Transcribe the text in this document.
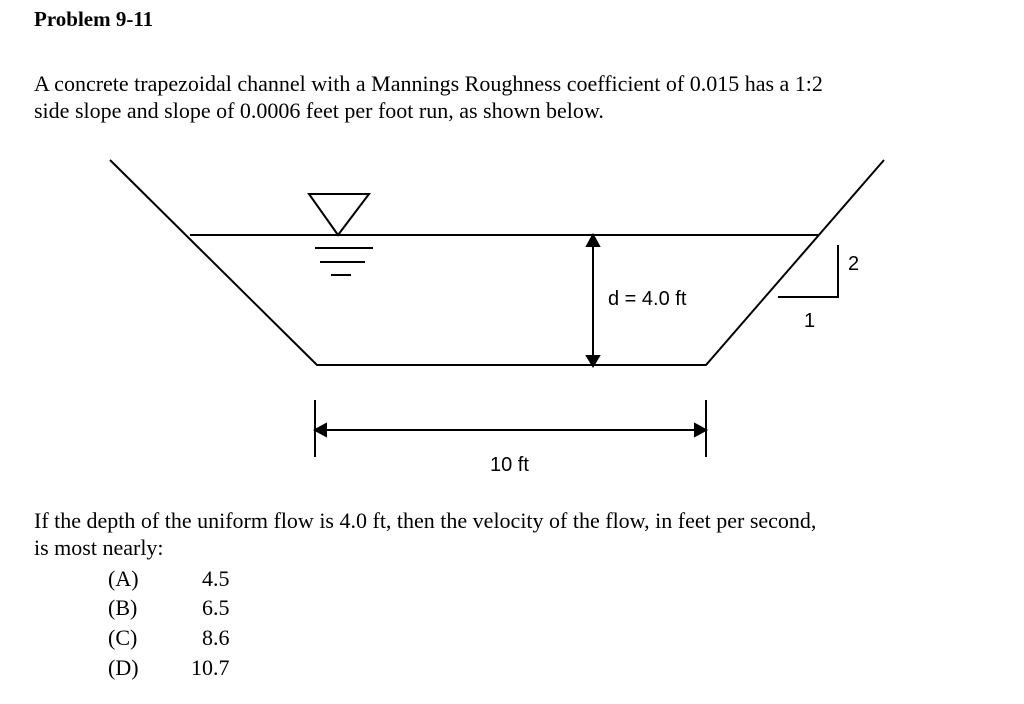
Problem 9-11
A concrete trapezoidal channel with a Mannings Roughness coefficient of 0.015 has a 1:2
side slope and slope of 0.0006 feet per foot run, as shown below.
d = 4.0 ft
10 ft
2
1
If the depth of the uniform flow is 4.0 ft, then the velocity of the flow, in feet per second,
is most nearly:
(A)	4.5
(B)	6.5
(C)	8.6
(D) 10.7
